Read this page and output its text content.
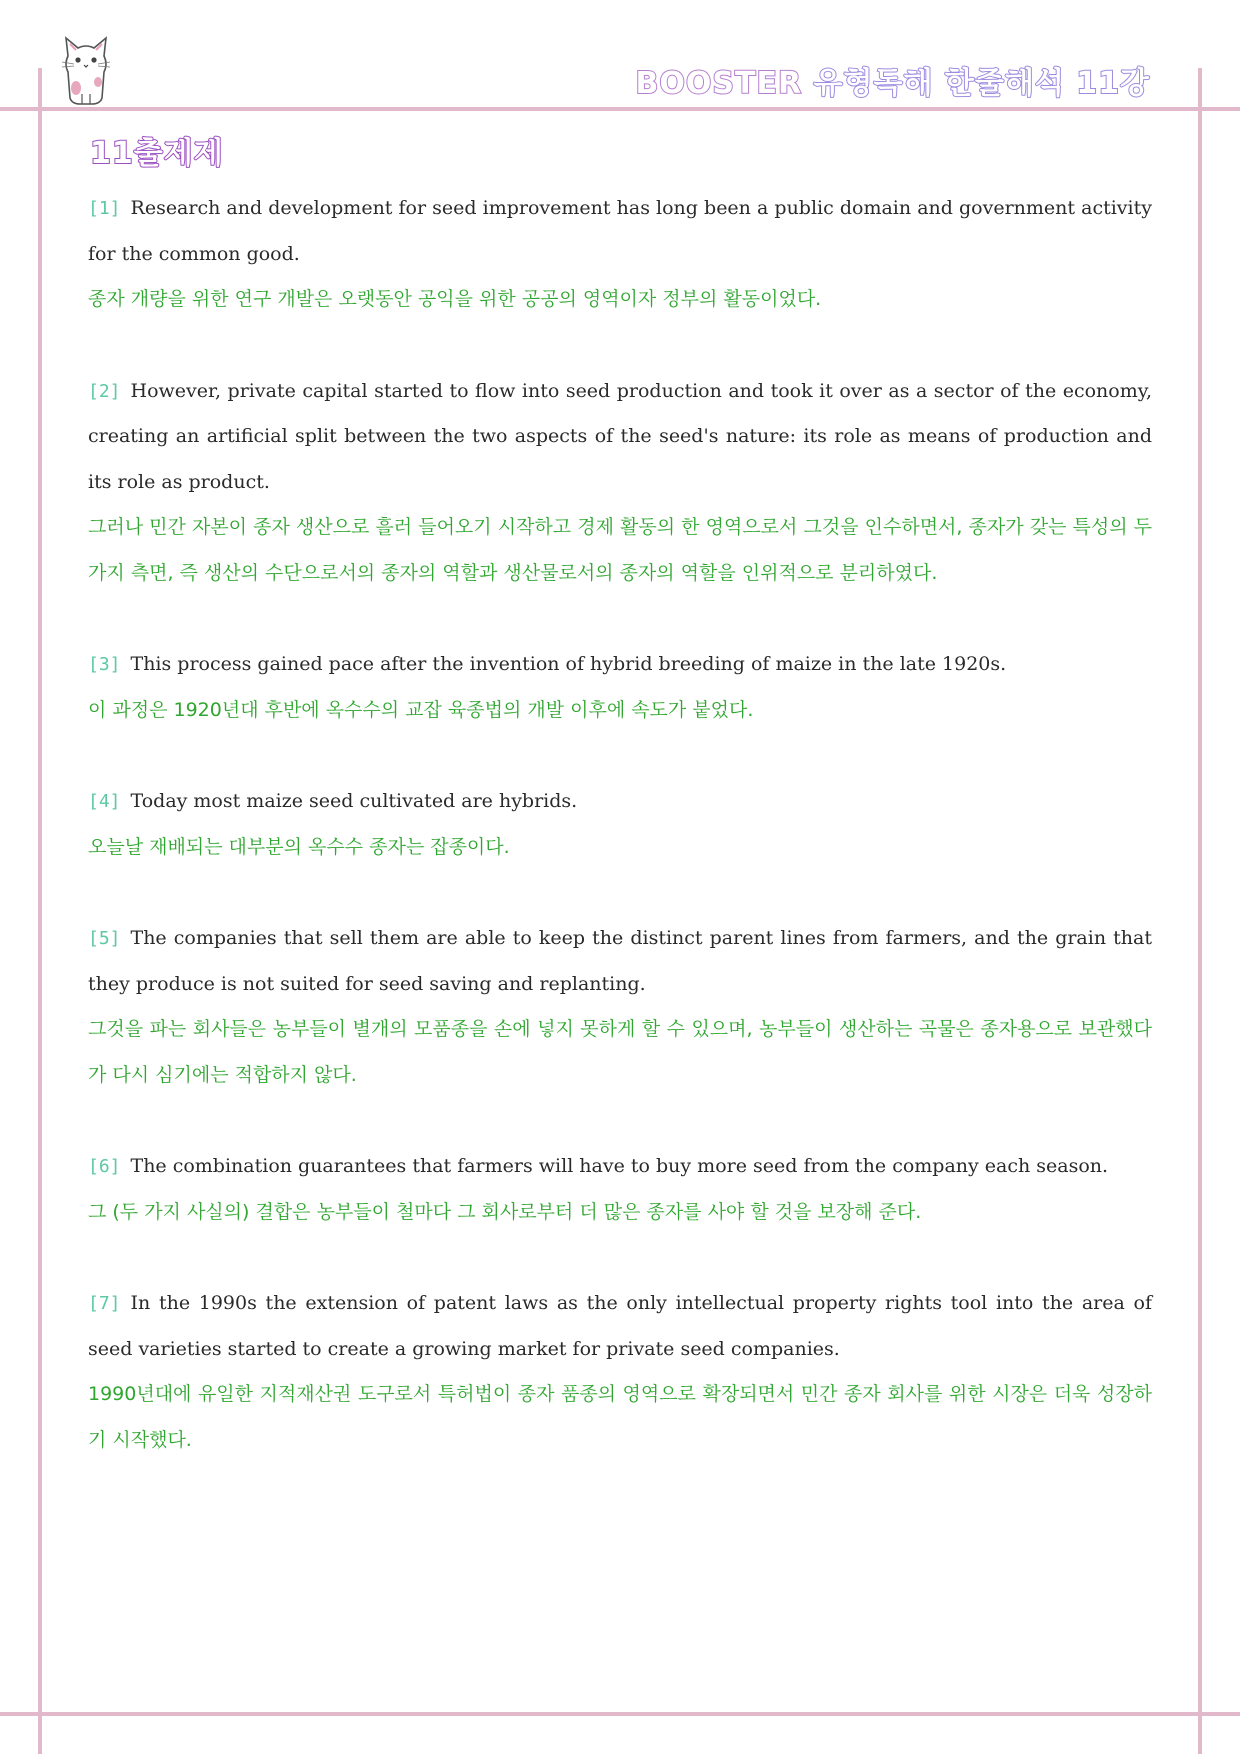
BOOSTER 유형독해 한줄해석 11강
11출제제

[1] Research and development for seed improvement has long been a public domain and government activity for the common good.

종자 개량을 위한 연구 개발은 오랫동안 공익을 위한 공공의 영역이자 정부의 활동이었다.

[2] However, private capital started to flow into seed production and took it over as a sector of the economy, creating an artificial split between the two aspects of the seed's nature: its role as means of production and its role as product.

그러나 민간 자본이 종자 생산으로 흘러 들어오기 시작하고 경제 활동의 한 영역으로서 그것을 인수하면서, 종자가 갖는 특성의 두 가지 측면, 즉 생산의 수단으로서의 종자의 역할과 생산물로서의 종자의 역할을 인위적으로 분리하였다.

[3] This process gained pace after the invention of hybrid breeding of maize in the late 1920s.

이 과정은 1920년대 후반에 옥수수의 교잡 육종법의 개발 이후에 속도가 붙었다.

[4] Today most maize seed cultivated are hybrids.

오늘날 재배되는 대부분의 옥수수 종자는 잡종이다.

[5] The companies that sell them are able to keep the distinct parent lines from farmers, and the grain that they produce is not suited for seed saving and replanting.

그것을 파는 회사들은 농부들이 별개의 모품종을 손에 넣지 못하게 할 수 있으며, 농부들이 생산하는 곡물은 종자용으로 보관했다가 다시 심기에는 적합하지 않다.

[6] The combination guarantees that farmers will have to buy more seed from the company each season.

그 (두 가지 사실의) 결합은 농부들이 철마다 그 회사로부터 더 많은 종자를 사야 할 것을 보장해 준다.

[7] In the 1990s the extension of patent laws as the only intellectual property rights tool into the area of seed varieties started to create a growing market for private seed companies.

1990년대에 유일한 지적재산권 도구로서 특허법이 종자 품종의 영역으로 확장되면서 민간 종자 회사를 위한 시장은 더욱 성장하기 시작했다.
